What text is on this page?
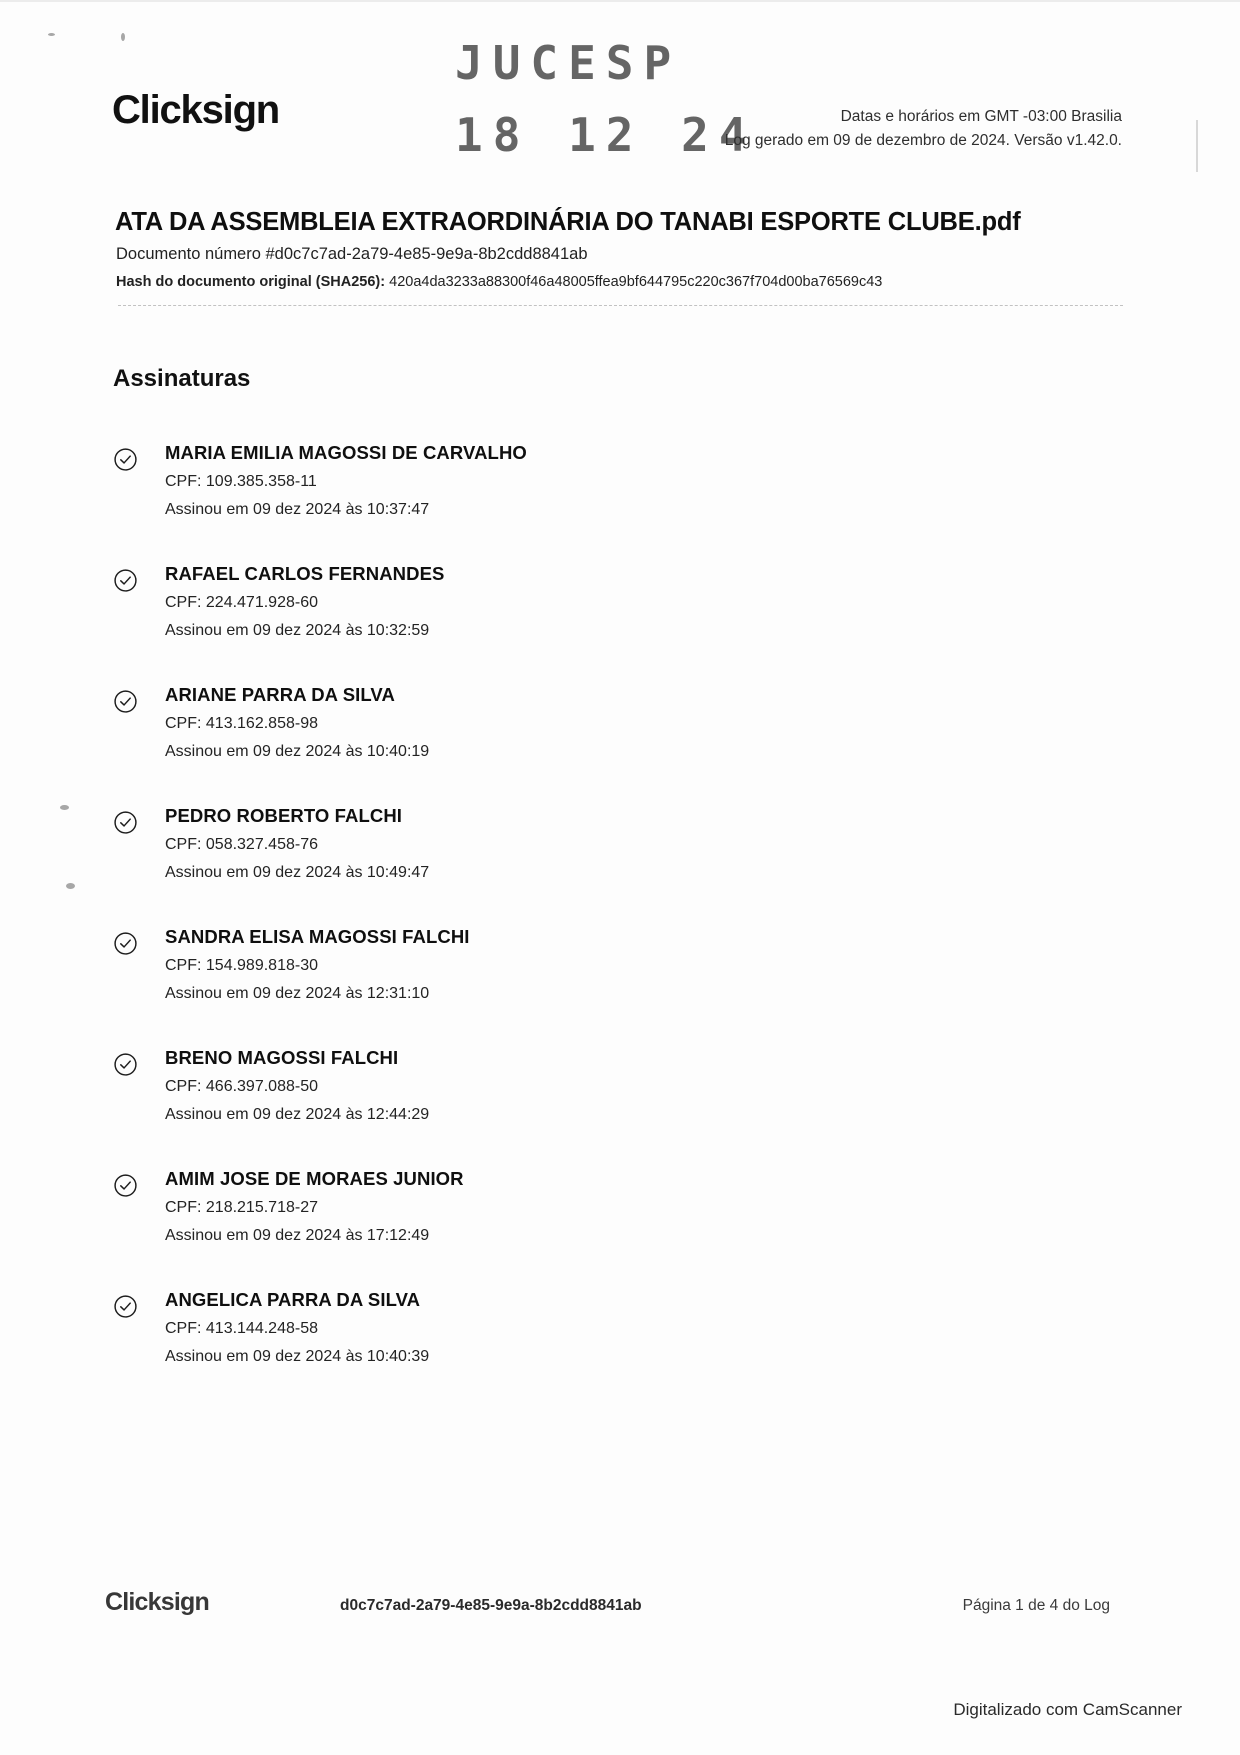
Clicksign
JUCESP
18 12 24	Datas e horários em GMT -03:00 Brasilia
Log gerado em 09 de dezembro de 2024. Versão v1.42.0.
ATA DA ASSEMBLEIA EXTRAORDINÁRIA DO TANABI ESPORTE CLUBE.pdf
Documento número #d0c7c7ad-2a79-4e85-9e9a-8b2cdd8841ab
Hash do documento original (SHA256): 420a4da3233a88300f46a48005ffea9bf644795c220c367f704d00ba76569c43
Assinaturas
MARIA EMILIA MAGOSSI DE CARVALHO
CPF: 109.385.358-11
Assinou em 09 dez 2024 às 10:37:47
RAFAEL CARLOS FERNANDES
CPF: 224.471.928-60
Assinou em 09 dez 2024 às 10:32:59
ARIANE PARRA DA SILVA
CPF: 413.162.858-98
Assinou em 09 dez 2024 às 10:40:19
PEDRO ROBERTO FALCHI
CPF: 058.327.458-76
Assinou em 09 dez 2024 às 10:49:47
SANDRA ELISA MAGOSSI FALCHI
CPF: 154.989.818-30
Assinou em 09 dez 2024 às 12:31:10
BRENO MAGOSSI FALCHI
CPF: 466.397.088-50
Assinou em 09 dez 2024 às 12:44:29
AMIM JOSE DE MORAES JUNIOR
CPF: 218.215.718-27
Assinou em 09 dez 2024 às 17:12:49
ANGELICA PARRA DA SILVA
CPF: 413.144.248-58
Assinou em 09 dez 2024 às 10:40:39
Clicksign	d0c7c7ad-2a79-4e85-9e9a-8b2cdd8841ab	Página 1 de 4 do Log
Digitalizado com CamScanner
